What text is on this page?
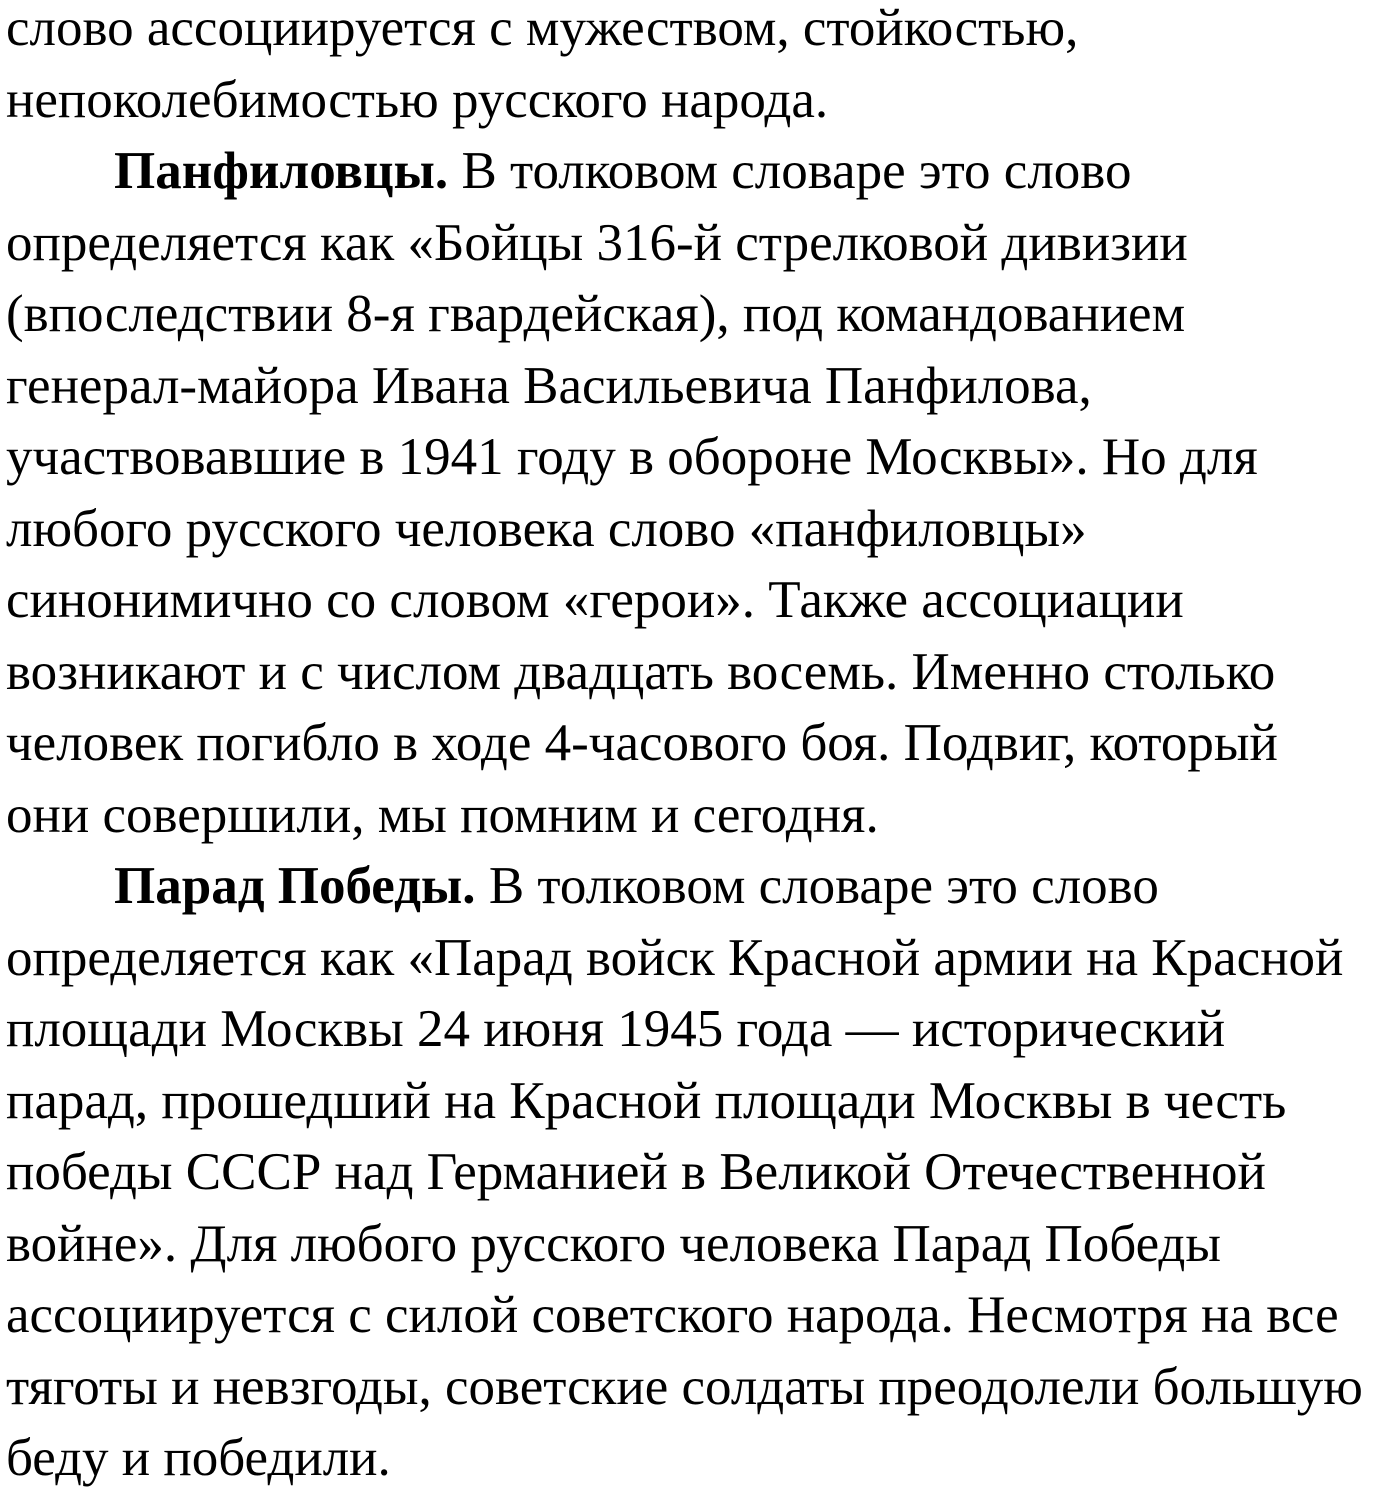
слово ассоциируется с мужеством, стойкостью,
непоколебимостью русского народа.
Панфиловцы. В толковом словаре это слово
определяется как «Бойцы 316-й стрелковой дивизии
(впоследствии 8-я гвардейская), под командованием
генерал-майора Ивана Васильевича Панфилова,
участвовавшие в 1941 году в обороне Москвы». Но для
любого русского человека слово «панфиловцы»
синонимично со словом «герои». Также ассоциации
возникают и с числом двадцать восемь. Именно столько
человек погибло в ходе 4-часового боя. Подвиг, который
они совершили, мы помним и сегодня.
Парад Победы. В толковом словаре это слово
определяется как «Парад войск Красной армии на Красной
площади Москвы 24 июня 1945 года — исторический
парад, прошедший на Красной площади Москвы в честь
победы СССР над Германией в Великой Отечественной
войне». Для любого русского человека Парад Победы
ассоциируется с силой советского народа. Несмотря на все
тяготы и невзгоды, советские солдаты преодолели большую
беду и победили.
